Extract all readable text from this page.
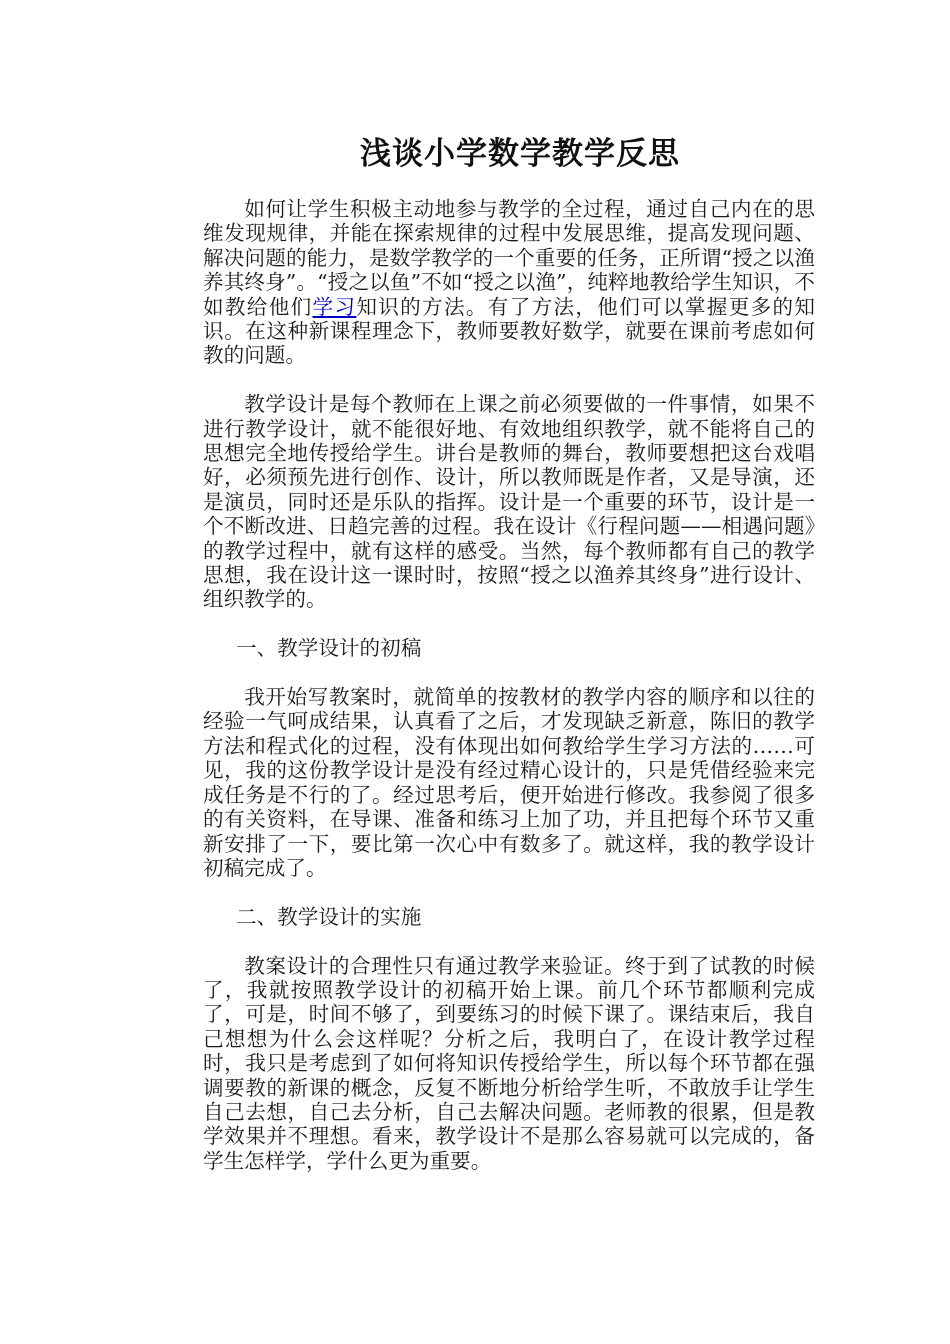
浅谈小学数学教学反思

如何让学生积极主动地参与教学的全过程，通过自己内在的思维发现规律，并能在探索规律的过程中发展思维，提高发现问题、解决问题的能力，是数学教学的一个重要的任务，正所谓“授之以渔养其终身”。“授之以鱼”不如“授之以渔”，纯粹地教给学生知识，不如教给他们学习知识的方法。有了方法，他们可以掌握更多的知识。在这种新课程理念下，教师要教好数学，就要在课前考虑如何教的问题。

教学设计是每个教师在上课之前必须要做的一件事情，如果不进行教学设计，就不能很好地、有效地组织教学，就不能将自己的思想完全地传授给学生。讲台是教师的舞台，教师要想把这台戏唱好，必须预先进行创作、设计，所以教师既是作者，又是导演，还是演员，同时还是乐队的指挥。设计是一个重要的环节，设计是一个不断改进、日趋完善的过程。我在设计《行程问题——相遇问题》的教学过程中，就有这样的感受。当然，每个教师都有自己的教学思想，我在设计这一课时时，按照“授之以渔养其终身”进行设计、组织教学的。

一、教学设计的初稿

我开始写教案时，就简单的按教材的教学内容的顺序和以往的经验一气呵成结果，认真看了之后，才发现缺乏新意，陈旧的教学方法和程式化的过程，没有体现出如何教给学生学习方法的……可见，我的这份教学设计是没有经过精心设计的，只是凭借经验来完成任务是不行的了。经过思考后，便开始进行修改。我参阅了很多的有关资料，在导课、准备和练习上加了功，并且把每个环节又重新安排了一下，要比第一次心中有数多了。就这样，我的教学设计初稿完成了。

二、教学设计的实施

教案设计的合理性只有通过教学来验证。终于到了试教的时候了，我就按照教学设计的初稿开始上课。前几个环节都顺利完成了，可是，时间不够了，到要练习的时候下课了。课结束后，我自己想想为什么会这样呢？分析之后，我明白了，在设计教学过程时，我只是考虑到了如何将知识传授给学生，所以每个环节都在强调要教的新课的概念，反复不断地分析给学生听，不敢放手让学生自己去想，自己去分析，自己去解决问题。老师教的很累，但是教学效果并不理想。看来，教学设计不是那么容易就可以完成的，备学生怎样学，学什么更为重要。
